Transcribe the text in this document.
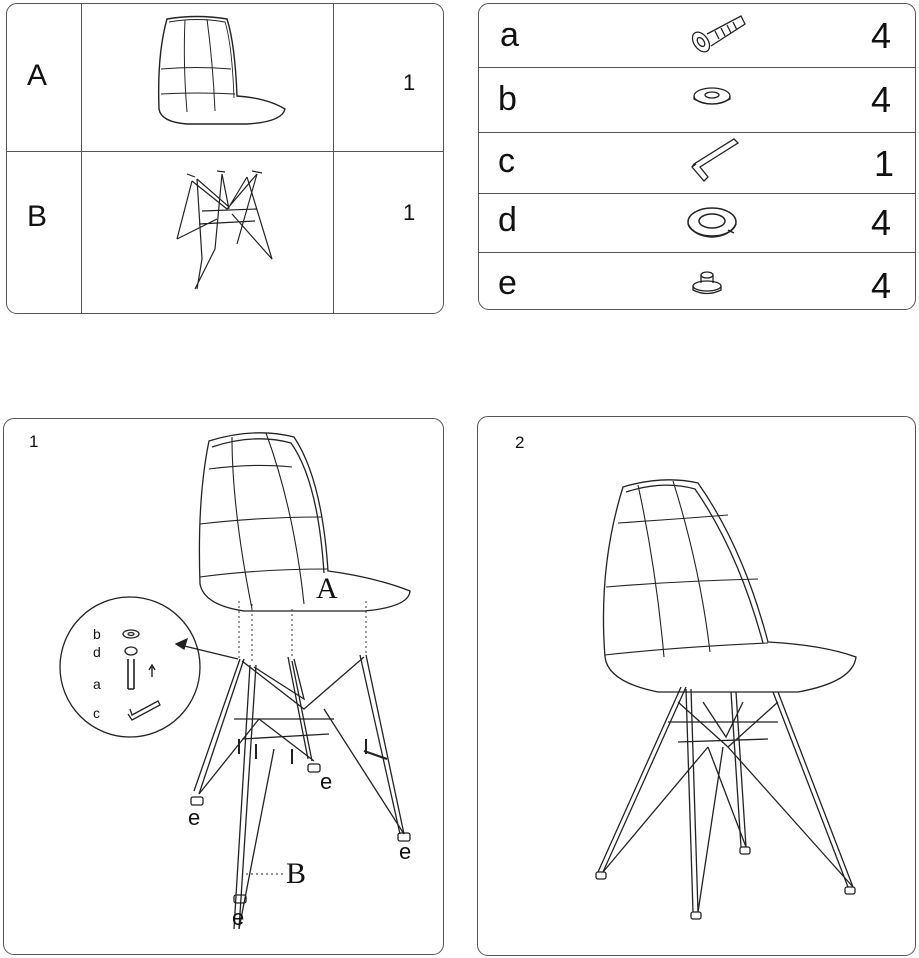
A	1
B	1
a	4
b	4
c	1
d	4
e	4
1
A
B
b
d
a
c
e
e
e
e
2
